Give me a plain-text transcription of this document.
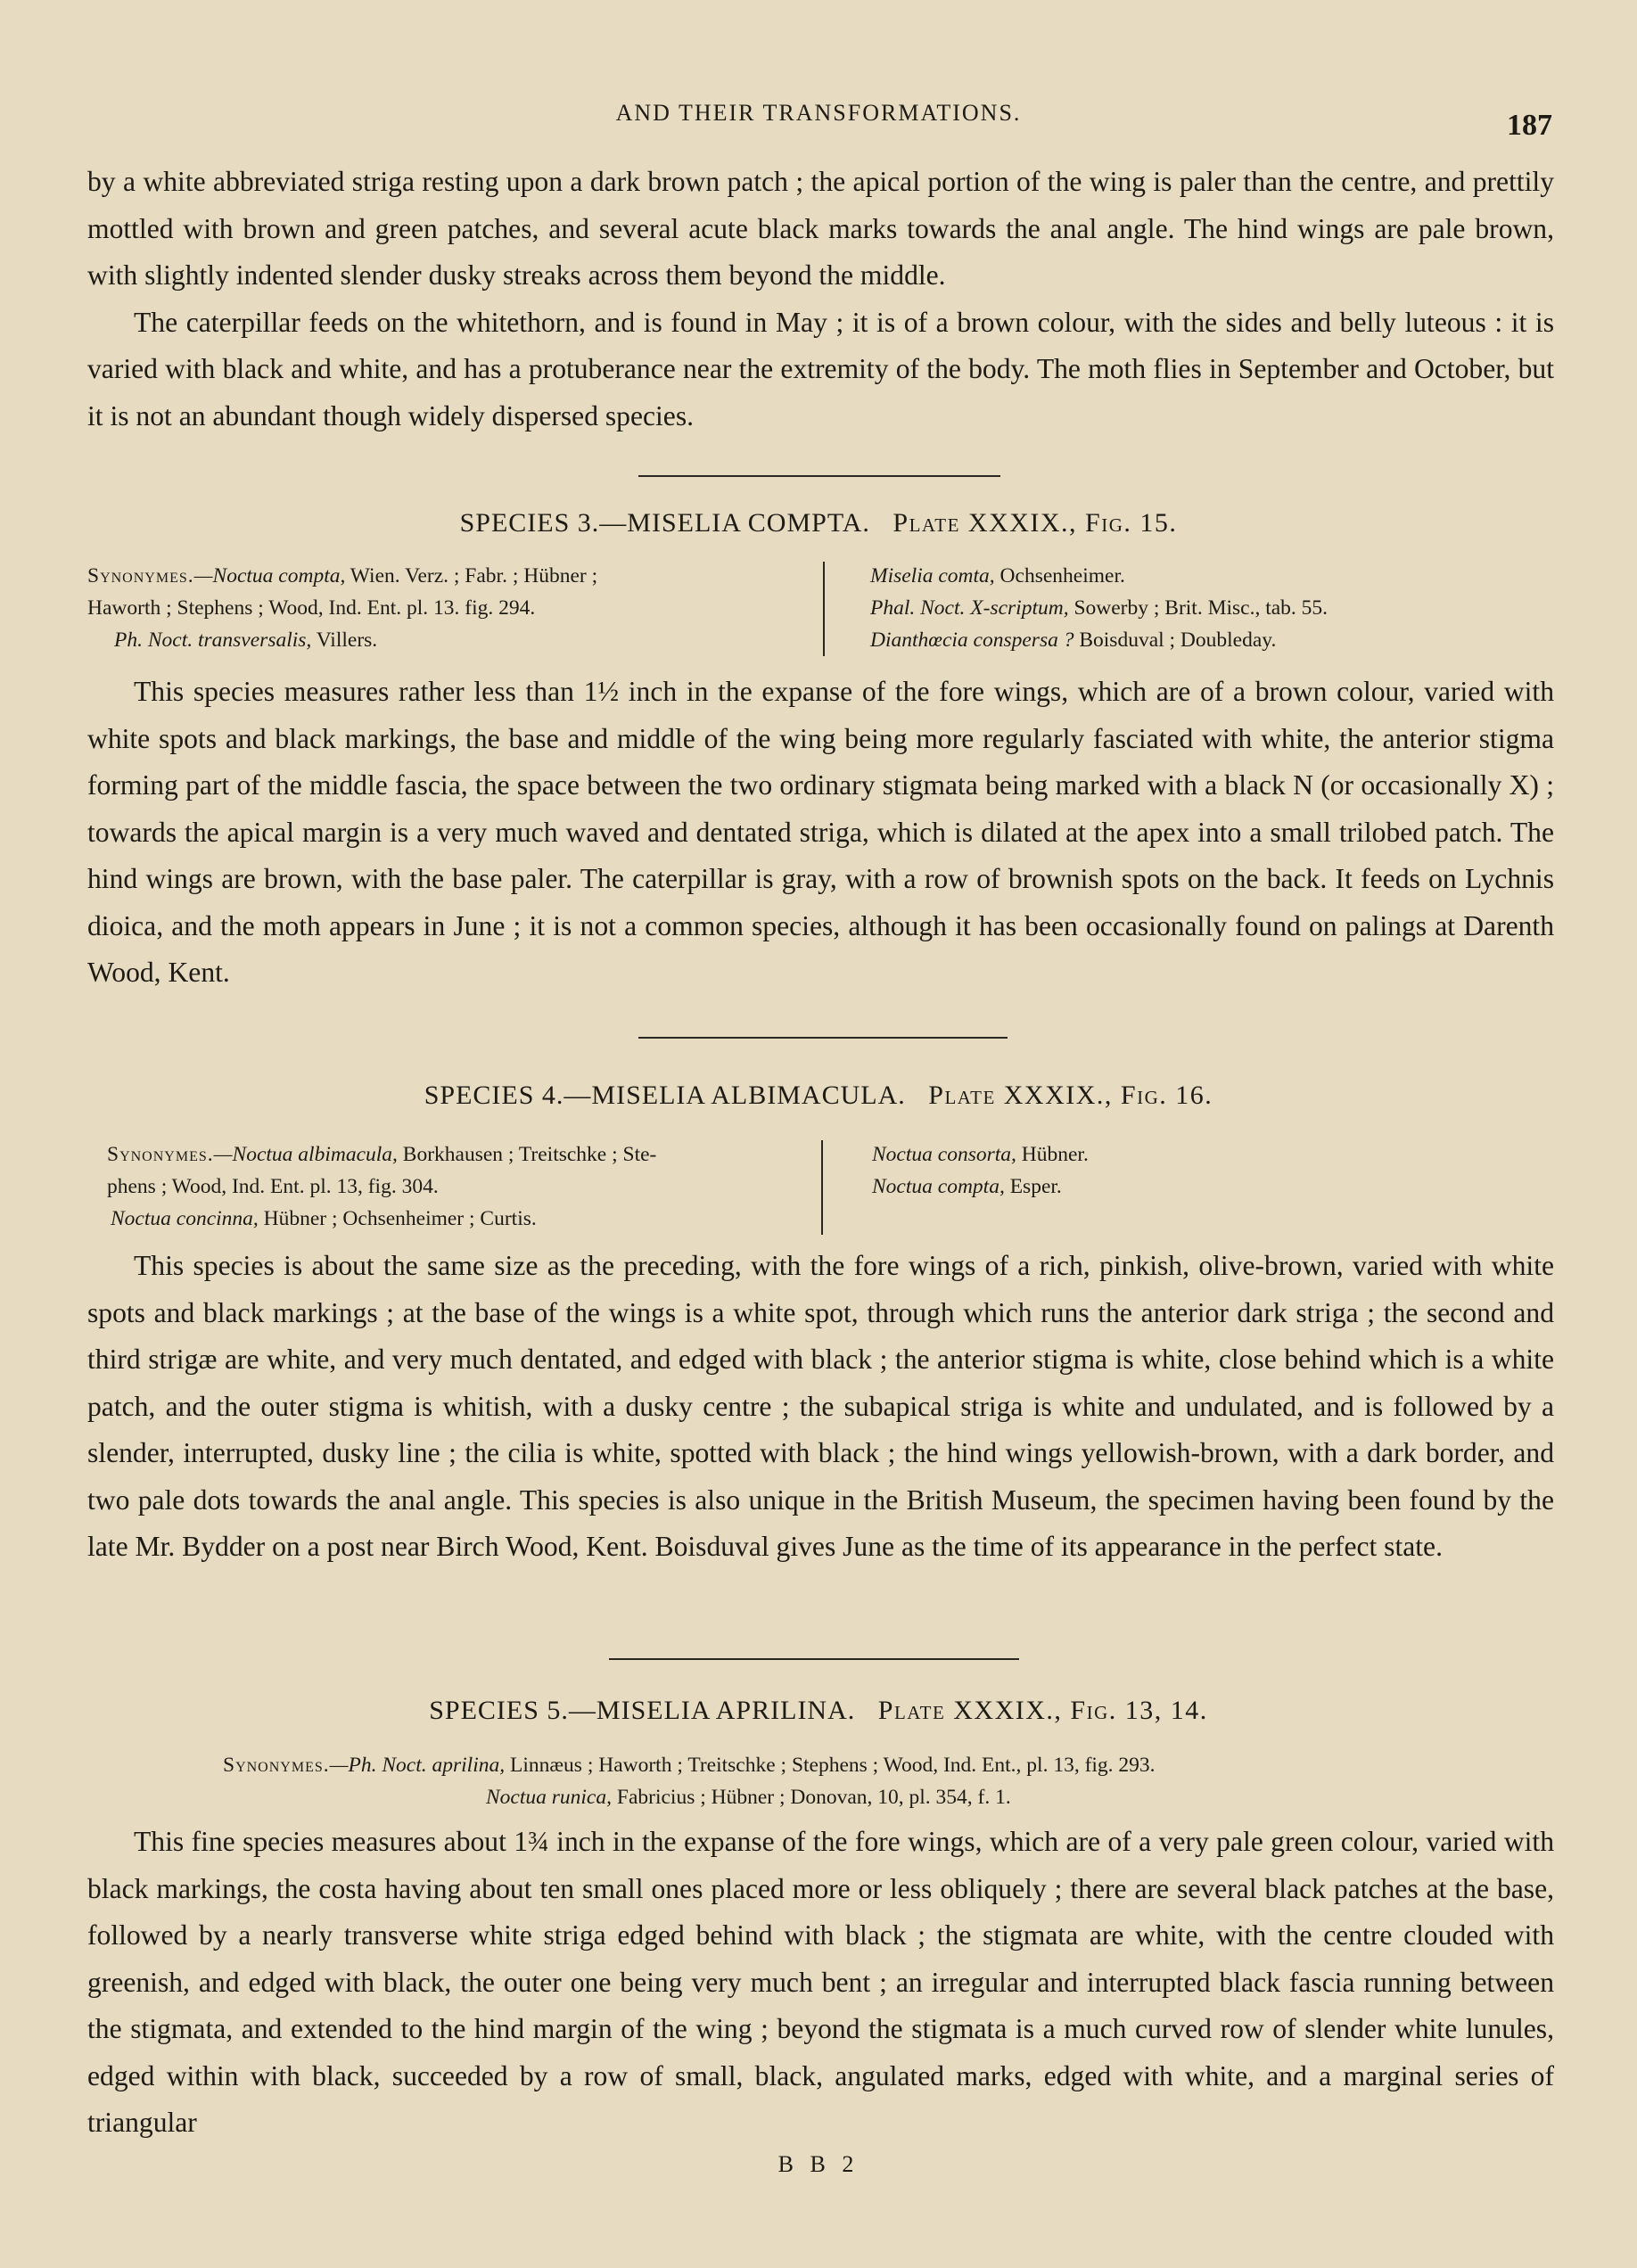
AND THEIR TRANSFORMATIONS.	187

by a white abbreviated striga resting upon a dark brown patch ; the apical portion of the wing is paler than the centre, and prettily mottled with brown and green patches, and several acute black marks towards the anal angle. The hind wings are pale brown, with slightly indented slender dusky streaks across them beyond the middle.

The caterpillar feeds on the whitethorn, and is found in May ; it is of a brown colour, with the sides and belly luteous : it is varied with black and white, and has a protuberance near the extremity of the body. The moth flies in September and October, but it is not an abundant though widely dispersed species.

SPECIES 3.—MISELIA COMPTA. Plate XXXIX., Fig. 15.
Synonymes.—Noctua compta, Wien. Verz. ; Fabr. ; Hübner ;
Haworth ; Stephens ; Wood, Ind. Ent. pl. 13. fig. 294.
Ph. Noct. transversalis, Villers.
Miselia comta, Ochsenheimer.
Phal. Noct. X-scriptum, Sowerby ; Brit. Misc., tab. 55.
Dianthœcia conspersa ? Boisduval ; Doubleday.

This species measures rather less than 1½ inch in the expanse of the fore wings, which are of a brown colour, varied with white spots and black markings, the base and middle of the wing being more regularly fasciated with white, the anterior stigma forming part of the middle fascia, the space between the two ordinary stigmata being marked with a black N (or occasionally X) ; towards the apical margin is a very much waved and dentated striga, which is dilated at the apex into a small trilobed patch. The hind wings are brown, with the base paler. The caterpillar is gray, with a row of brownish spots on the back. It feeds on Lychnis dioica, and the moth appears in June ; it is not a common species, although it has been occasionally found on palings at Darenth Wood, Kent.

SPECIES 4.—MISELIA ALBIMACULA. Plate XXXIX., Fig. 16.
Synonymes.—Noctua albimacula, Borkhausen ; Treitschke ; Ste-
phens ; Wood, Ind. Ent. pl. 13, fig. 304.
Noctua concinna, Hübner ; Ochsenheimer ; Curtis.
Noctua consorta, Hübner.
Noctua compta, Esper.

This species is about the same size as the preceding, with the fore wings of a rich, pinkish, olive-brown, varied with white spots and black markings ; at the base of the wings is a white spot, through which runs the anterior dark striga ; the second and third strigæ are white, and very much dentated, and edged with black ; the anterior stigma is white, close behind which is a white patch, and the outer stigma is whitish, with a dusky centre ; the subapical striga is white and undulated, and is followed by a slender, interrupted, dusky line ; the cilia is white, spotted with black ; the hind wings yellowish-brown, with a dark border, and two pale dots towards the anal angle. This species is also unique in the British Museum, the specimen having been found by the late Mr. Bydder on a post near Birch Wood, Kent. Boisduval gives June as the time of its appearance in the perfect state.

SPECIES 5.—MISELIA APRILINA. Plate XXXIX., Fig. 13, 14.
Synonymes.—Ph. Noct. aprilina, Linnæus ; Haworth ; Treitschke ; Stephens ; Wood, Ind. Ent., pl. 13, fig. 293.
Noctua runica, Fabricius ; Hübner ; Donovan, 10, pl. 354, f. 1.

This fine species measures about 1¾ inch in the expanse of the fore wings, which are of a very pale green colour, varied with black markings, the costa having about ten small ones placed more or less obliquely ; there are several black patches at the base, followed by a nearly transverse white striga edged behind with black ; the stigmata are white, with the centre clouded with greenish, and edged with black, the outer one being very much bent ; an irregular and interrupted black fascia running between the stigmata, and extended to the hind margin of the wing ; beyond the stigmata is a much curved row of slender white lunules, edged within with black, succeeded by a row of small, black, angulated marks, edged with white, and a marginal series of triangular

B B 2
